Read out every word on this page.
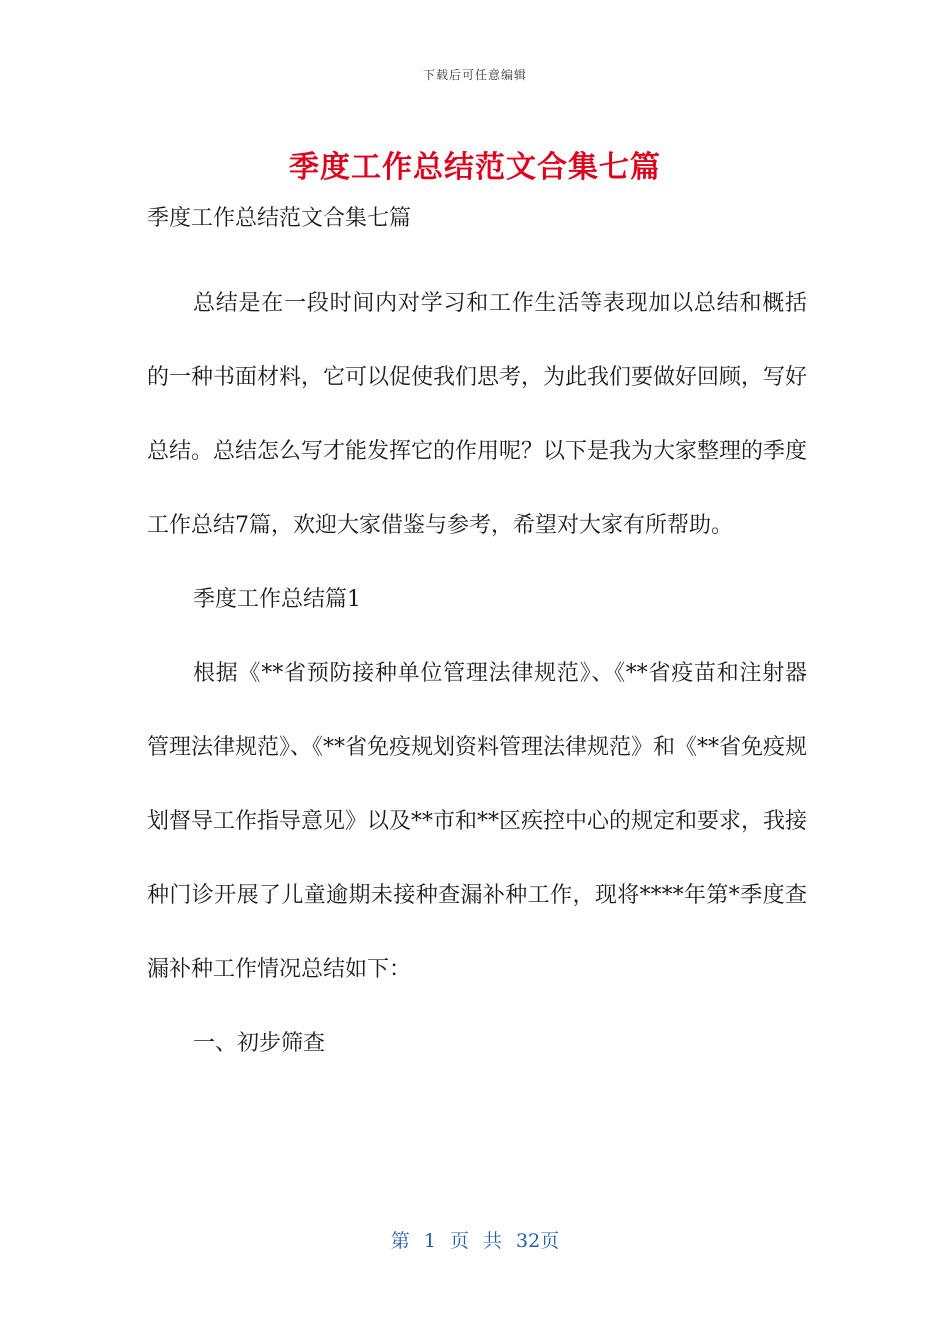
下载后可任意编辑
季度工作总结范文合集七篇

季度工作总结范文合集七篇

总结是在一段时间内对学习和工作生活等表现加以总结和概括的一种书面材料，它可以促使我们思考，为此我们要做好回顾，写好总结。总结怎么写才能发挥它的作用呢？以下是我为大家整理的季度工作总结7篇，欢迎大家借鉴与参考，希望对大家有所帮助。

季度工作总结篇1

根据《**省预防接种单位管理法律规范》、《**省疫苗和注射器管理法律规范》、《**省免疫规划资料管理法律规范》和《**省免疫规划督导工作指导意见》以及**市和**区疾控中心的规定和要求，我接种门诊开展了儿童逾期未接种查漏补种工作，现将****年第*季度查漏补种工作情况总结如下：

一、初步筛查

第 1 页 共 32页
